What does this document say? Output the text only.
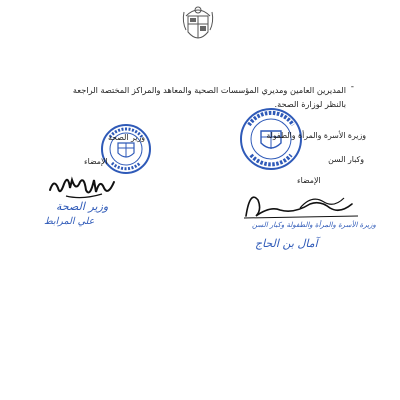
-
المديرين العامين ومديري المؤسسات الصحية والمعاهد والمراكز المختصة الراجعة بالنظر لوزارة الصحة.
وزير الصحة
الإمضاء
وزيرة الأسرة والمرأة والطفولة
وكبار السن
الإمضاء
وزير الصحة
علي المرابط	وزيرة الأسرة والمرأة والطفولة وكبار السن
آمال بن الحاج
